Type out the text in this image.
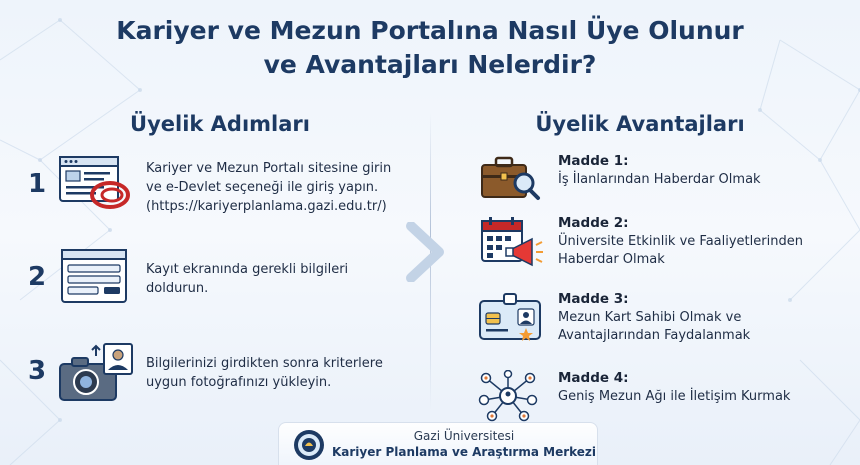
Kariyer ve Mezun Portalına Nasıl Üye Olunur
ve Avantajları Nelerdir?
Üyelik Adımları	Üyelik Avantajları
1
Kariyer ve Mezun Portalı sitesine girin
ve e-Devlet seçeneği ile giriş yapın.
(https://kariyerplanlama.gazi.edu.tr/)
2	Kayıt ekranında gerekli bilgileri
doldurun.
3	Bilgilerinizi girdikten sonra kriterlere
uygun fotoğrafınızı yükleyin.
Madde 1:
İş İlanlarından Haberdar Olmak
Madde 2:
Üniversite Etkinlik ve Faaliyetlerinden
Haberdar Olmak
Madde 3:
Mezun Kart Sahibi Olmak ve
Avantajlarından Faydalanmak
Madde 4:
Geniş Mezun Ağı ile İletişim Kurmak
Gazi Üniversitesi
Kariyer Planlama ve Araştırma Merkezi
